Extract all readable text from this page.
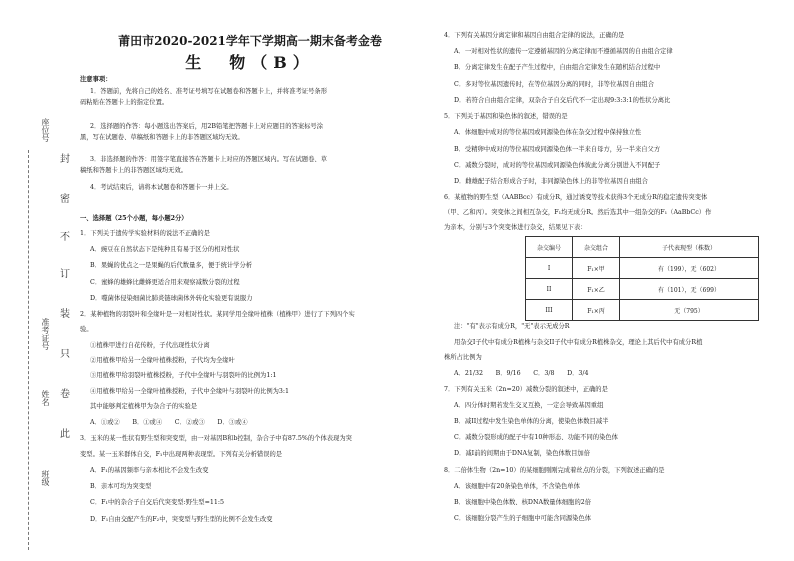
座位号
准考证号
姓名
班级
封
密
不
订
装
只
卷
此
莆田市2020-2021学年下学期高一期末备考金卷
生　物（B）
注意事项：
1．答题前，先将自己的姓名、准考证号填写在试题卷和答题卡上，并将准考证号条形
码粘贴在答题卡上的指定位置。
2．选择题的作答：每小题选出答案后，用2B铅笔把答题卡上对应题目的答案标号涂
黑，写在试题卷、草稿纸和答题卡上的非答题区域均无效。
3．非选择题的作答：用签字笔直接答在答题卡上对应的答题区域内。写在试题卷、草
稿纸和答题卡上的非答题区域均无效。
4．考试结束后，请将本试题卷和答题卡一并上交。
一、选择题（25个小题，每小题2分）
1．下列关于遗传学实验材料的说法不正确的是
A．豌豆在自然状态下是纯种且有易于区分的相对性状
B．果蝇的优点之一是果蝇的后代数量多，便于统计学分析
C．蜜蜂的雄蜂比雌蜂更适合用来观察减数分裂的过程
D．噬菌体侵染细菌比肺炎链球菌体外转化实验更有说服力
2．某种植物的羽裂叶和全缘叶是一对相对性状。某同学用全缘叶植株（植株甲）进行了下列四个实
验。
①植株甲进行自花传粉，子代出现性状分离
②用植株甲给另一全缘叶植株授粉，子代均为全缘叶
③用植株甲给羽裂叶植株授粉，子代中全缘叶与羽裂叶的比例为1:1
④用植株甲给另一全缘叶植株授粉，子代中全缘叶与羽裂叶的比例为3:1
其中能够判定植株甲为杂合子的实验是
A．①或②　　B．①或④　　C．②或③　　D．③或④
3．玉米的某一性状有野生型和突变型，由一对基因B和b控制，杂合子中有87.5%的个体表现为突
变型。某一玉米群体自交，F₁中出现两种表现型。下列有关分析错误的是
A．F₁的基因频率与亲本相比不会发生改变
B．亲本可均为突变型
C．F₁中的杂合子自交后代突变型:野生型=11:5
D．F₁自由交配产生的F₂中，突变型与野生型的比例不会发生改变
4．下列有关基因分离定律和基因自由组合定律的说法，正确的是
A．一对相对性状的遗传一定遵循基因的分离定律而不遵循基因的自由组合定律
B．分离定律发生在配子产生过程中，自由组合定律发生在随机结合过程中
C．多对等位基因遗传时，在等位基因分离的同时，非等位基因自由组合
D．若符合自由组合定律，双杂合子自交后代不一定出现9:3:3:1的性状分离比
5．下列关于基因和染色体的叙述，错误的是
A．体细胞中成对的等位基因或同源染色体在杂交过程中保持独立性
B．受精卵中成对的等位基因或同源染色体一半来自母方，另一半来自父方
C．减数分裂时，成对的等位基因或同源染色体彼此分离分别进入不同配子
D．雌雄配子结合形成合子时，非同源染色体上的非等位基因自由组合
6．某植物的野生型（AABBcc）有成分R，通过诱变等技术获得3个无成分R的稳定遗传突变体
（甲、乙和丙）。突变体之间相互杂交，F₁均无成分R。然后选其中一组杂交的F₁（AaBbCc）作
为亲本，分别与3个突变体进行杂交，结果见下表：
注："有"表示有成分R，"无"表示无成分R
用杂交I子代中有成分R植株与杂交II子代中有成分R植株杂交，理论上其后代中有成分R植
株所占比例为
A．21/32　　B．9/16　　C．3/8　　D．3/4
7．下列有关玉米（2n=20）减数分裂的叙述中，正确的是
A．四分体时期若发生交叉互换，一定会导致基因重组
B．减II过程中发生染色单体的分离，使染色体数目减半
C．减数分裂形成的配子中有10种形态、功能不同的染色体
D．减I前的间期由于DNA复制，染色体数目加倍
8．二倍体生物（2n=10）的某细胞刚刚完成着丝点的分裂，下列叙述正确的是
A．该细胞中有20条染色单体，不含染色单体
B．该细胞中染色体数、核DNA数量体细胞的2倍
C．该细胞分裂产生的子细胞中可能含同源染色体
杂交编号	杂交组合	子代表现型（株数）
I	F₁×甲	有（199），无（602）
II	F₁×乙	有（101），无（699）
III	F₁×丙	无（795）
